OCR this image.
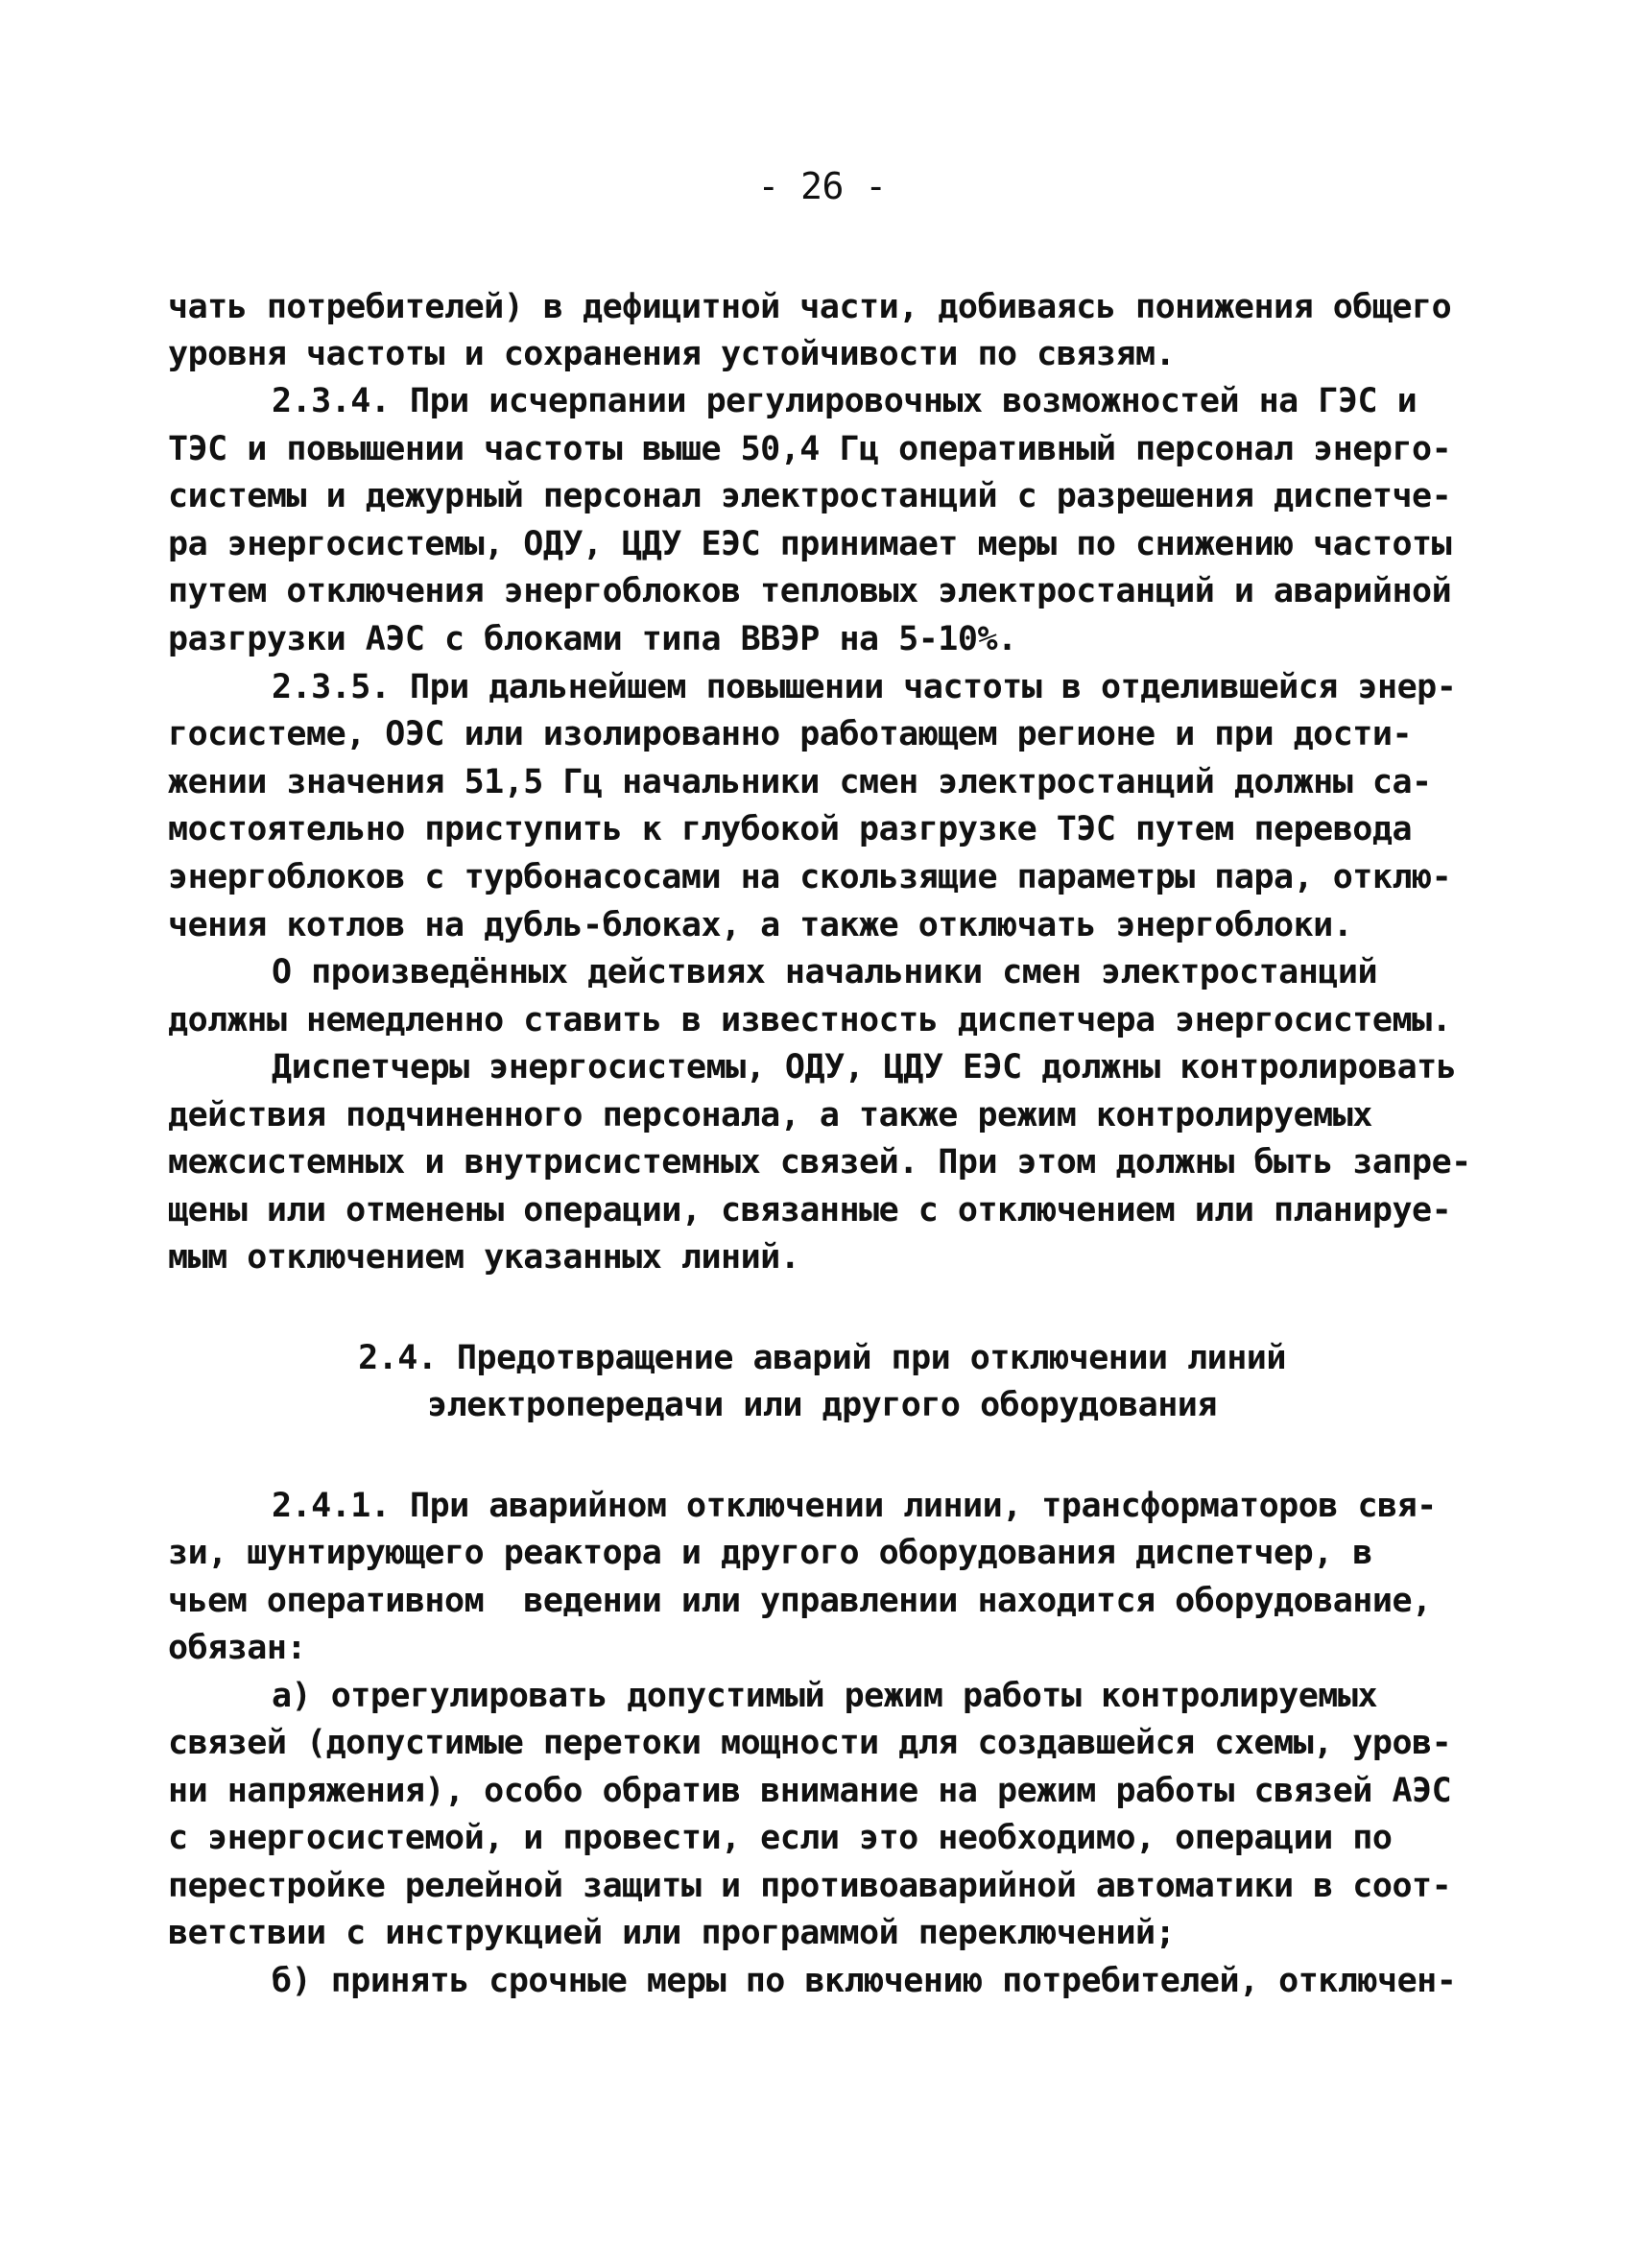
- 26 -
чать потребителей) в дефицитной части, добиваясь понижения общего
уровня частоты и сохранения устойчивости по связям.
2.3.4. При исчерпании регулировочных возможностей на ГЭС и
ТЭС и повышении частоты выше 50,4 Гц оперативный персонал энерго-
системы и дежурный персонал электростанций с разрешения диспетче-
ра энергосистемы, ОДУ, ЦДУ ЕЭС принимает меры по снижению частоты
путем отключения энергоблоков тепловых электростанций и аварийной
разгрузки АЭС с блоками типа ВВЭР на 5-10%.
2.3.5. При дальнейшем повышении частоты в отделившейся энер-
госистеме, ОЭС или изолированно работающем регионе и при дости-
жении значения 51,5 Гц начальники смен электростанций должны са-
мостоятельно приступить к глубокой разгрузке ТЭС путем перевода
энергоблоков с турбонасосами на скользящие параметры пара, отклю-
чения котлов на дубль-блоках, а также отключать энергоблоки.
О произведённых действиях начальники смен электростанций
должны немедленно ставить в известность диспетчера энергосистемы.
Диспетчеры энергосистемы, ОДУ, ЦДУ ЕЭС должны контролировать
действия подчиненного персонала, а также режим контролируемых
межсистемных и внутрисистемных связей. При этом должны быть запре-
щены или отменены операции, связанные с отключением или планируе-
мым отключением указанных линий.
2.4. Предотвращение аварий при отключении линий
электропередачи или другого оборудования
2.4.1. При аварийном отключении линии, трансформаторов свя-
зи, шунтирующего реактора и другого оборудования диспетчер, в
чьем оперативном  ведении или управлении находится оборудование,
обязан:
а) отрегулировать допустимый режим работы контролируемых
связей (допустимые перетоки мощности для создавшейся схемы, уров-
ни напряжения), особо обратив внимание на режим работы связей АЭС
с энергосистемой, и провести, если это необходимо, операции по
перестройке релейной защиты и противоаварийной автоматики в соот-
ветствии с инструкцией или программой переключений;
б) принять срочные меры по включению потребителей, отключен-
